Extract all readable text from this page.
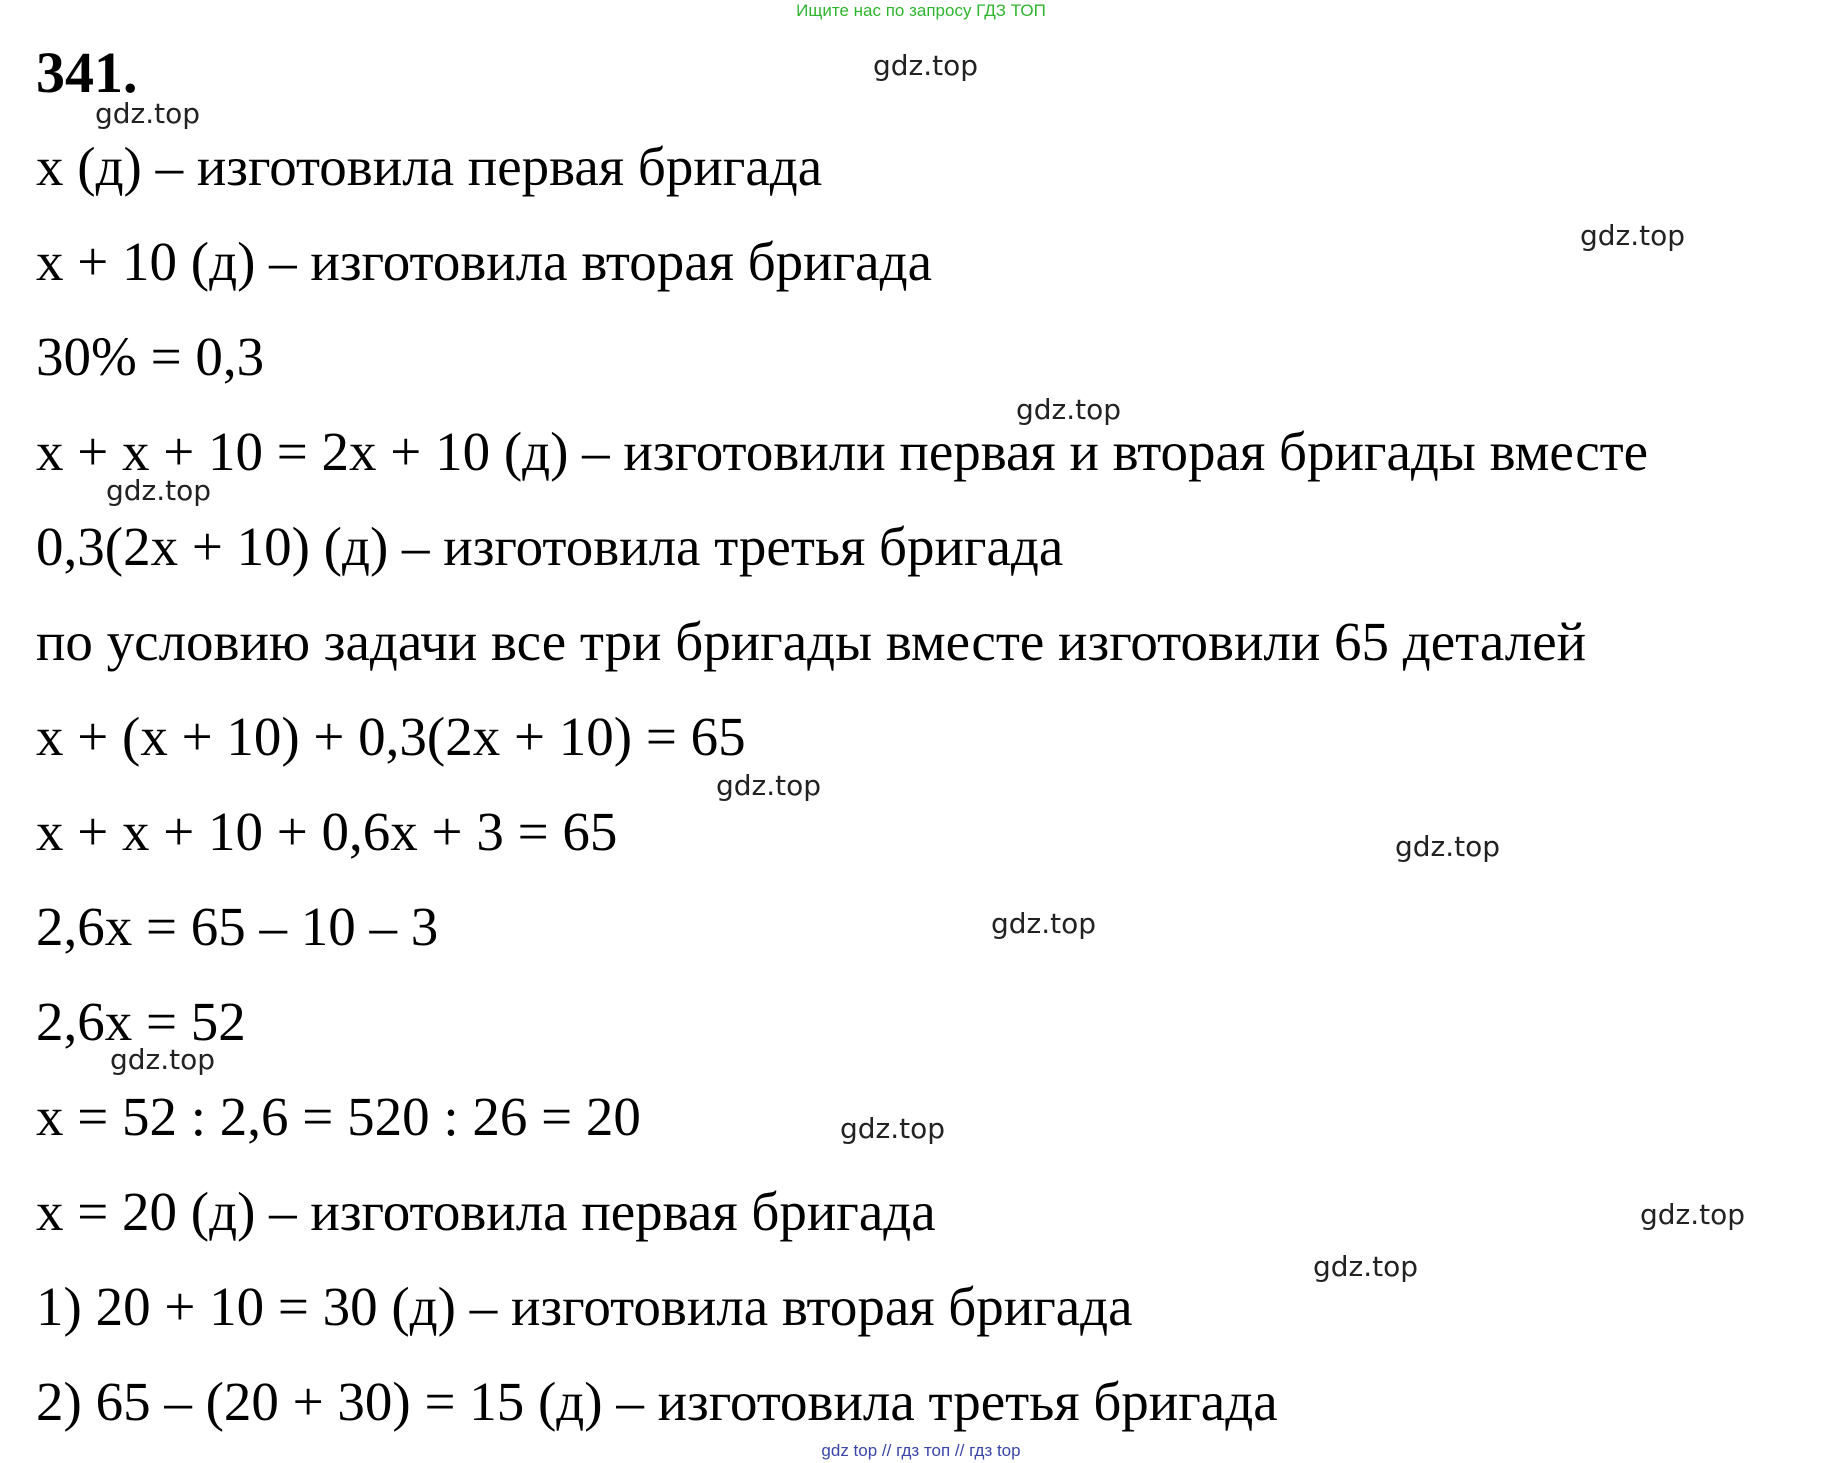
Ищите нас по запросу ГДЗ ТОП
341.
x (д) – изготовила первая бригада
x + 10 (д) – изготовила вторая бригада
30% = 0,3
x + x + 10 = 2x + 10 (д) – изготовили первая и вторая бригады вместе
0,3(2x + 10) (д) – изготовила третья бригада
по условию задачи все три бригады вместе изготовили 65 деталей
x + (x + 10) + 0,3(2x + 10) = 65
x + x + 10 + 0,6x + 3 = 65
2,6x = 65 – 10 – 3
2,6x = 52
x = 52 : 2,6 = 520 : 26 = 20
x = 20 (д) – изготовила первая бригада
1) 20 + 10 = 30 (д) – изготовила вторая бригада
2) 65 – (20 + 30) = 15 (д) – изготовила третья бригада
gdz.top
gdz.top
gdz.top
gdz.top
gdz.top
gdz.top
gdz.top
gdz.top
gdz.top
gdz.top
gdz.top
gdz.top
gdz top // гдз топ // гдз top
